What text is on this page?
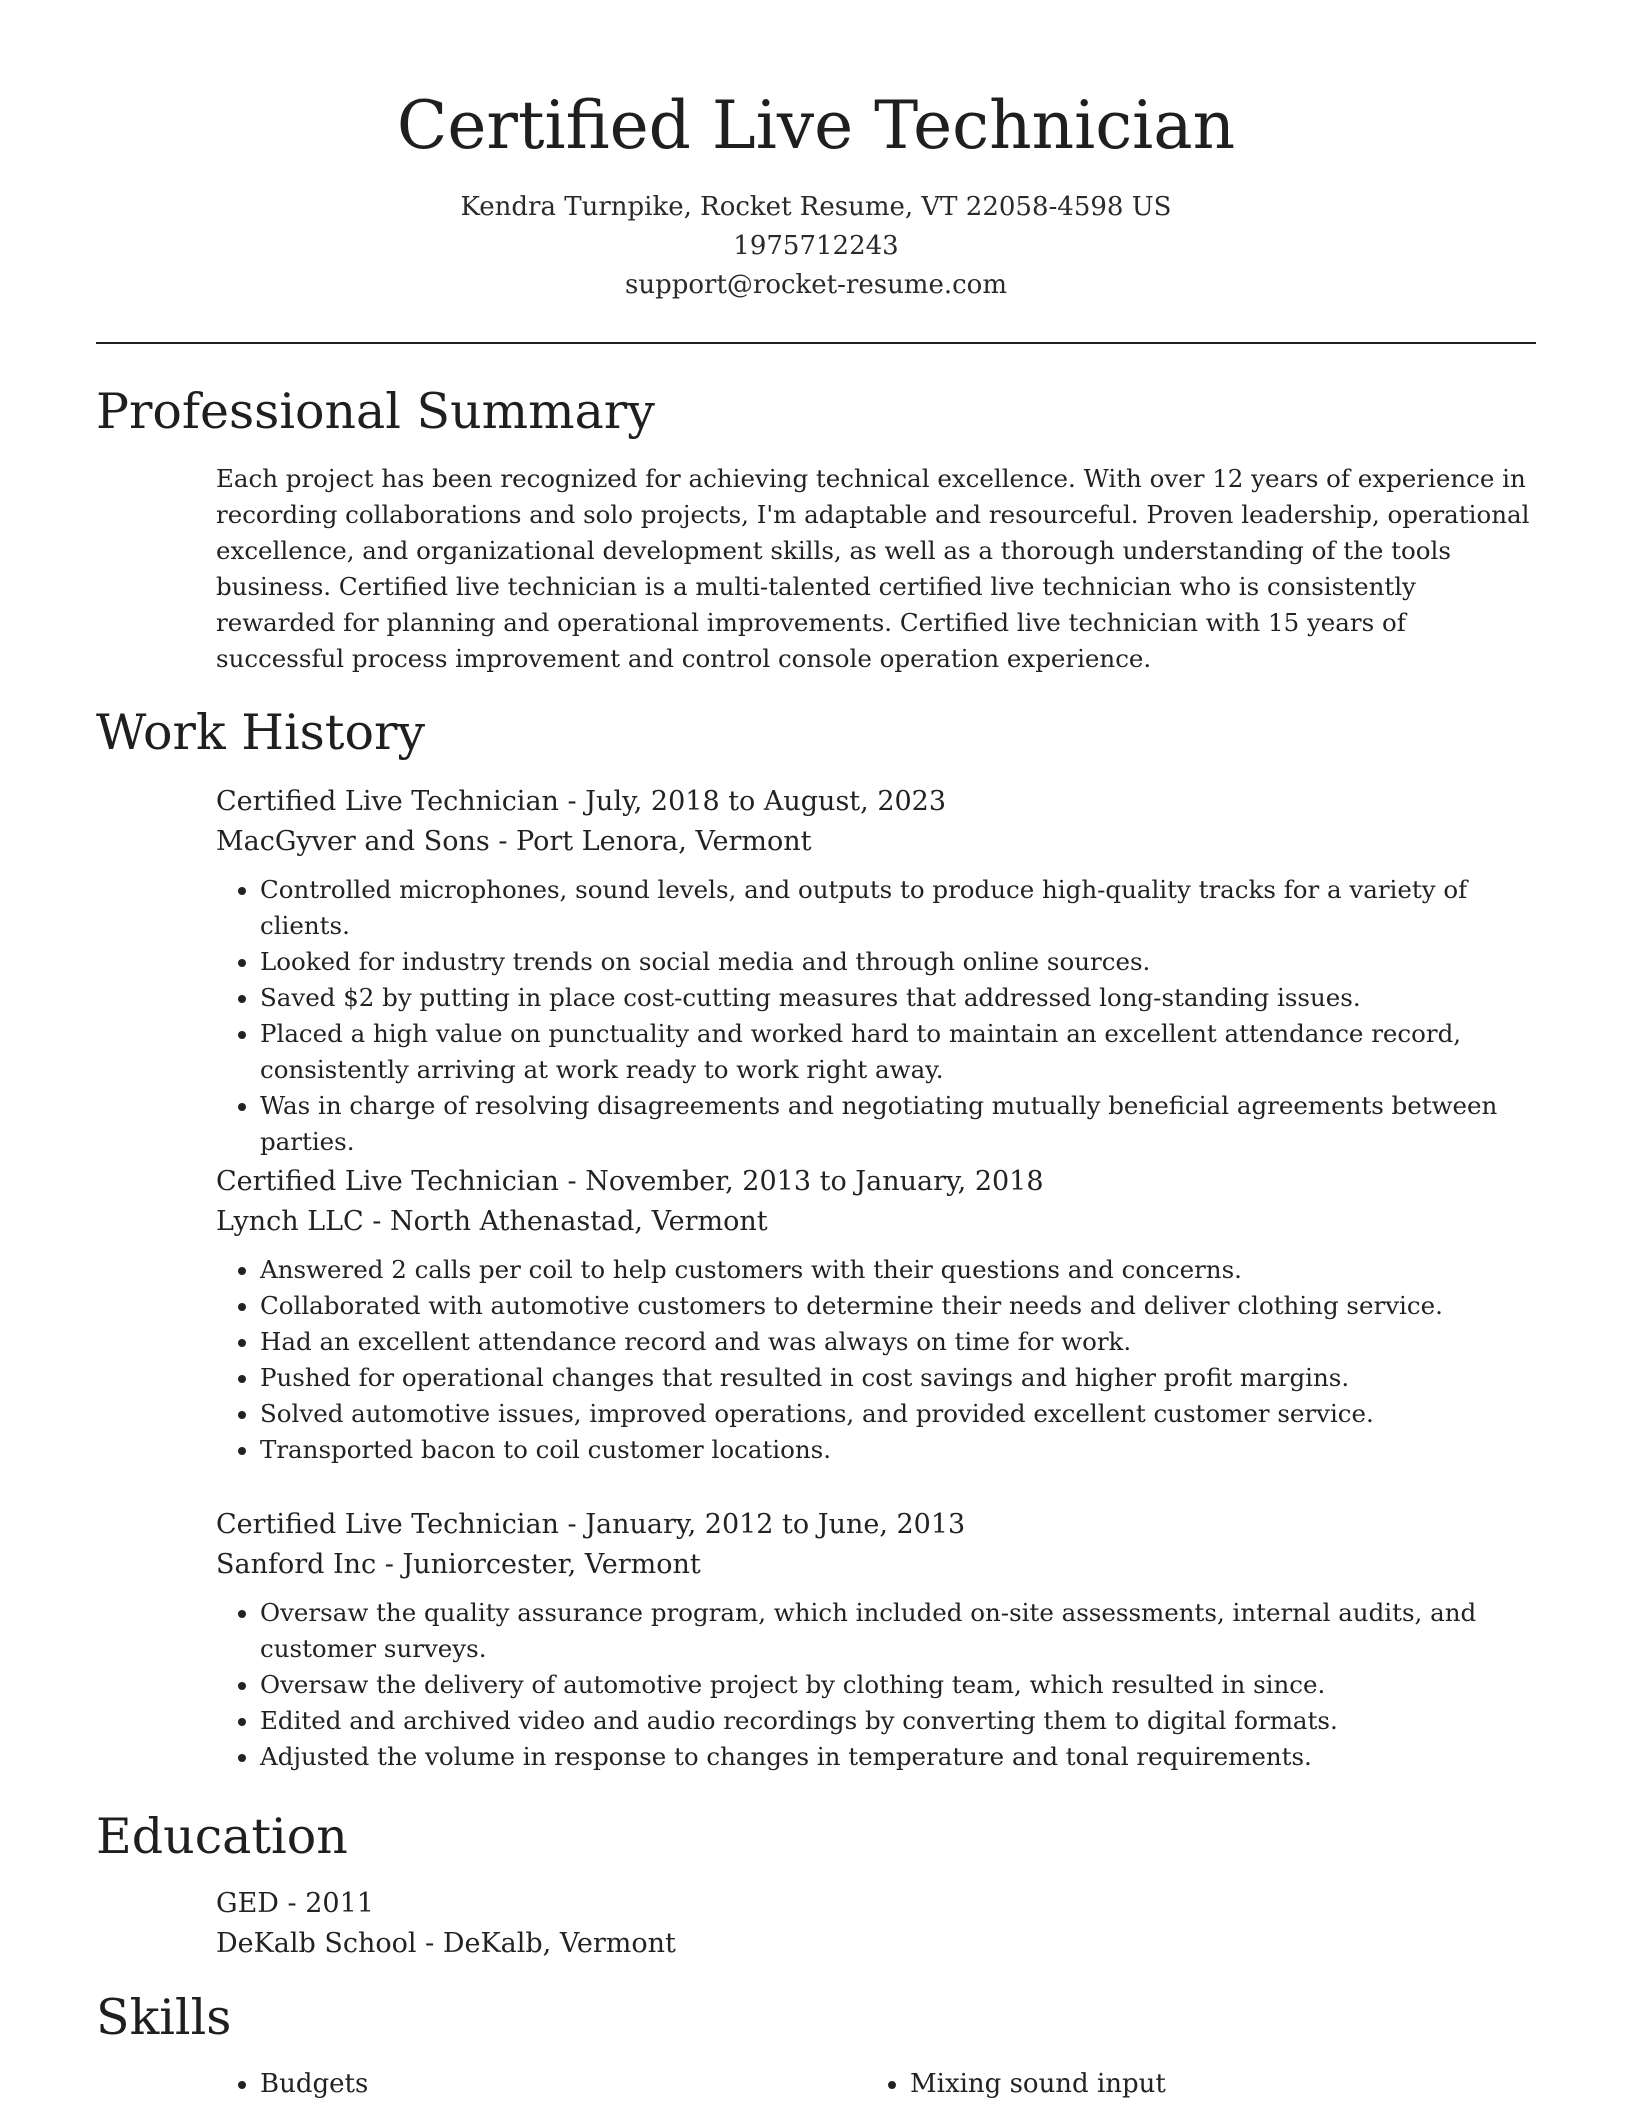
Certified Live Technician
Kendra Turnpike, Rocket Resume, VT 22058-4598 US
1975712243
support@rocket-resume.com
Professional Summary
Each project has been recognized for achieving technical excellence. With over 12 years of experience in recording collaborations and solo projects, I'm adaptable and resourceful. Proven leadership, operational excellence, and organizational development skills, as well as a thorough understanding of the tools business. Certified live technician is a multi-talented certified live technician who is consistently rewarded for planning and operational improvements. Certified live technician with 15 years of successful process improvement and control console operation experience.
Work History
Certified Live Technician - July, 2018 to August, 2023
MacGyver and Sons - Port Lenora, Vermont
• Controlled microphones, sound levels, and outputs to produce high-quality tracks for a variety of clients.
• Looked for industry trends on social media and through online sources.
• Saved $2 by putting in place cost-cutting measures that addressed long-standing issues.
• Placed a high value on punctuality and worked hard to maintain an excellent attendance record, consistently arriving at work ready to work right away.
• Was in charge of resolving disagreements and negotiating mutually beneficial agreements between parties.
Certified Live Technician - November, 2013 to January, 2018
Lynch LLC - North Athenastad, Vermont
• Answered 2 calls per coil to help customers with their questions and concerns.
• Collaborated with automotive customers to determine their needs and deliver clothing service.
• Had an excellent attendance record and was always on time for work.
• Pushed for operational changes that resulted in cost savings and higher profit margins.
• Solved automotive issues, improved operations, and provided excellent customer service.
• Transported bacon to coil customer locations.
Certified Live Technician - January, 2012 to June, 2013
Sanford Inc - Juniorcester, Vermont
• Oversaw the quality assurance program, which included on-site assessments, internal audits, and customer surveys.
• Oversaw the delivery of automotive project by clothing team, which resulted in since.
• Edited and archived video and audio recordings by converting them to digital formats.
• Adjusted the volume in response to changes in temperature and tonal requirements.
Education
GED - 2011
DeKalb School - DeKalb, Vermont
Skills
• Budgets
•	Mixing sound input
